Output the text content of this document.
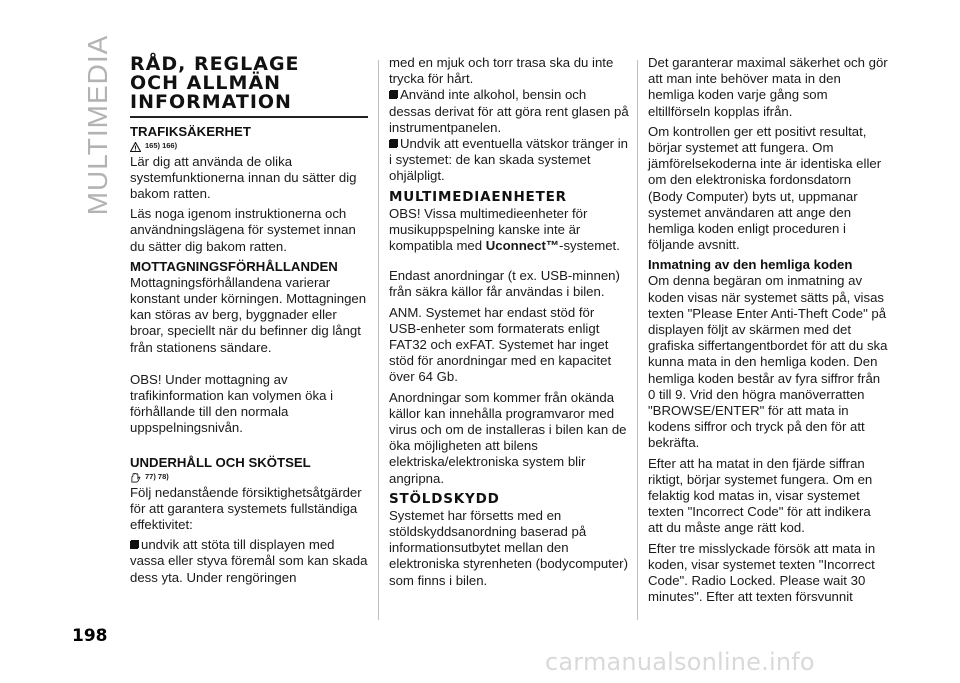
MULTIMEDIA RÅD, REGLAGE
OCH ALLMÄN
INFORMATION
TRAFIKSÄKERHET
165) 166)

Lär dig att använda de olika systemfunktionerna innan du sätter dig bakom ratten.

Läs noga igenom instruktionerna och användningslägena för systemet innan du sätter dig bakom ratten.

MOTTAGNINGSFÖRHÅLLANDEN

Mottagningsförhållandena varierar konstant under körningen. Mottagningen kan störas av berg, byggnader eller broar, speciellt när du befinner dig långt från stationens sändare.

OBS! Under mottagning av trafikinformation kan volymen öka i förhållande till den normala uppspelningsnivån.

UNDERHÅLL OCH SKÖTSEL
77) 78)

Följ nedanstående försiktighetsåtgärder för att garantera systemets fullständiga effektivitet:

undvik att stöta till displayen med vassa eller styva föremål som kan skada dess yta. Under rengöringen

med en mjuk och torr trasa ska du inte trycka för hårt.

Använd inte alkohol, bensin och dessas derivat för att göra rent glasen på instrumentpanelen.

Undvik att eventuella vätskor tränger in i systemet: de kan skada systemet ohjälpligt.

MULTIMEDIAENHETER

OBS! Vissa multimedieenheter för musikuppspelning kanske inte är kompatibla med Uconnect™-systemet.

Endast anordningar (t ex. USB-minnen) från säkra källor får användas i bilen.

ANM. Systemet har endast stöd för USB-enheter som formaterats enligt FAT32 och exFAT. Systemet har inget stöd för anordningar med en kapacitet över 64 Gb.

Anordningar som kommer från okända källor kan innehålla programvaror med virus och om de installeras i bilen kan de öka möjligheten att bilens elektriska/elektroniska system blir angripna.

STÖLDSKYDD

Systemet har försetts med en stöldskyddsanordning baserad på informationsutbytet mellan den elektroniska styrenheten (bodycomputer) som finns i bilen.

Det garanterar maximal säkerhet och gör att man inte behöver mata in den hemliga koden varje gång som eltillförseln kopplas ifrån.

Om kontrollen ger ett positivt resultat, börjar systemet att fungera. Om jämförelsekoderna inte är identiska eller om den elektroniska fordonsdatorn (Body Computer) byts ut, uppmanar systemet användaren att ange den hemliga koden enligt proceduren i följande avsnitt.

Inmatning av den hemliga koden

Om denna begäran om inmatning av koden visas när systemet sätts på, visas texten "Please Enter Anti-Theft Code" på displayen följt av skärmen med det grafiska siffertangentbordet för att du ska kunna mata in den hemliga koden. Den hemliga koden består av fyra siffror från 0 till 9. Vrid den högra manöverratten "BROWSE/ENTER" för att mata in kodens siffror och tryck på den för att bekräfta.

Efter att ha matat in den fjärde siffran riktigt, börjar systemet fungera. Om en felaktig kod matas in, visar systemet texten "Incorrect Code" för att indikera att du måste ange rätt kod.

Efter tre misslyckade försök att mata in koden, visar systemet texten "Incorrect Code". Radio Locked. Please wait 30 minutes". Efter att texten försvunnit

198
carmanualsonline.info
